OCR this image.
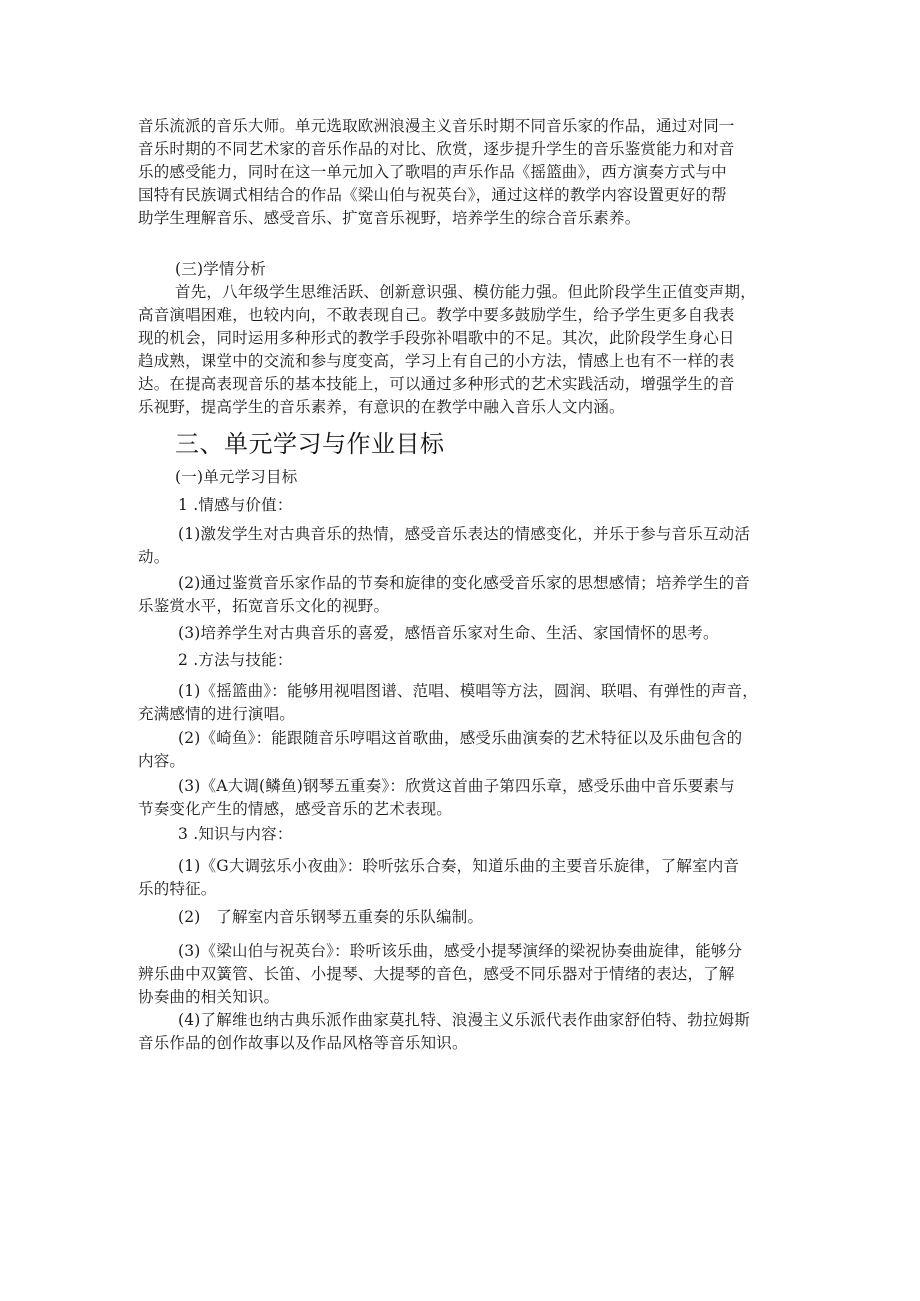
音乐流派的音乐大师。单元选取欧洲浪漫主义音乐时期不同音乐家的作品，通过对同一
音乐时期的不同艺术家的音乐作品的对比、欣赏，逐步提升学生的音乐鉴赏能力和对音
乐的感受能力，同时在这一单元加入了歌唱的声乐作品《摇篮曲》，西方演奏方式与中
国特有民族调式相结合的作品《梁山伯与祝英台》，通过这样的教学内容设置更好的帮
助学生理解音乐、感受音乐、扩宽音乐视野，培养学生的综合音乐素养。
(三)学情分析
首先，八年级学生思维活跃、创新意识强、模仿能力强。但此阶段学生正值变声期，
高音演唱困难，也较内向，不敢表现自己。教学中要多鼓励学生，给予学生更多自我表
现的机会，同时运用多种形式的教学手段弥补唱歌中的不足。其次，此阶段学生身心日
趋成熟，课堂中的交流和参与度变高，学习上有自己的小方法，情感上也有不一样的表
达。在提高表现音乐的基本技能上，可以通过多种形式的艺术实践活动，增强学生的音
乐视野，提高学生的音乐素养，有意识的在教学中融入音乐人文内涵。
三、单元学习与作业目标
(一)单元学习目标
1 .情感与价值：
(1)激发学生对古典音乐的热情，感受音乐表达的情感变化，并乐于参与音乐互动活
动。
(2)通过鉴赏音乐家作品的节奏和旋律的变化感受音乐家的思想感情；培养学生的音
乐鉴赏水平，拓宽音乐文化的视野。
(3)培养学生对古典音乐的喜爱，感悟音乐家对生命、生活、家国情怀的思考。
2 .方法与技能：
(1)《摇篮曲》：能够用视唱图谱、范唱、模唱等方法，圆润、联唱、有弹性的声音，
充满感情的进行演唱。
(2)《崎鱼》：能跟随音乐哼唱这首歌曲，感受乐曲演奏的艺术特征以及乐曲包含的
内容。
(3)《A大调(鳞鱼)钢琴五重奏》：欣赏这首曲子第四乐章，感受乐曲中音乐要素与
节奏变化产生的情感，感受音乐的艺术表现。
3 .知识与内容：
(1)《G大调弦乐小夜曲》：聆听弦乐合奏，知道乐曲的主要音乐旋律，了解室内音
乐的特征。
(2)　了解室内音乐钢琴五重奏的乐队编制。
(3)《梁山伯与祝英台》：聆听该乐曲，感受小提琴演绎的梁祝协奏曲旋律，能够分
辨乐曲中双簧管、长笛、小提琴、大提琴的音色，感受不同乐器对于情绪的表达，了解
协奏曲的相关知识。
(4)了解维也纳古典乐派作曲家莫扎特、浪漫主义乐派代表作曲家舒伯特、勃拉姆斯
音乐作品的创作故事以及作品风格等音乐知识。
